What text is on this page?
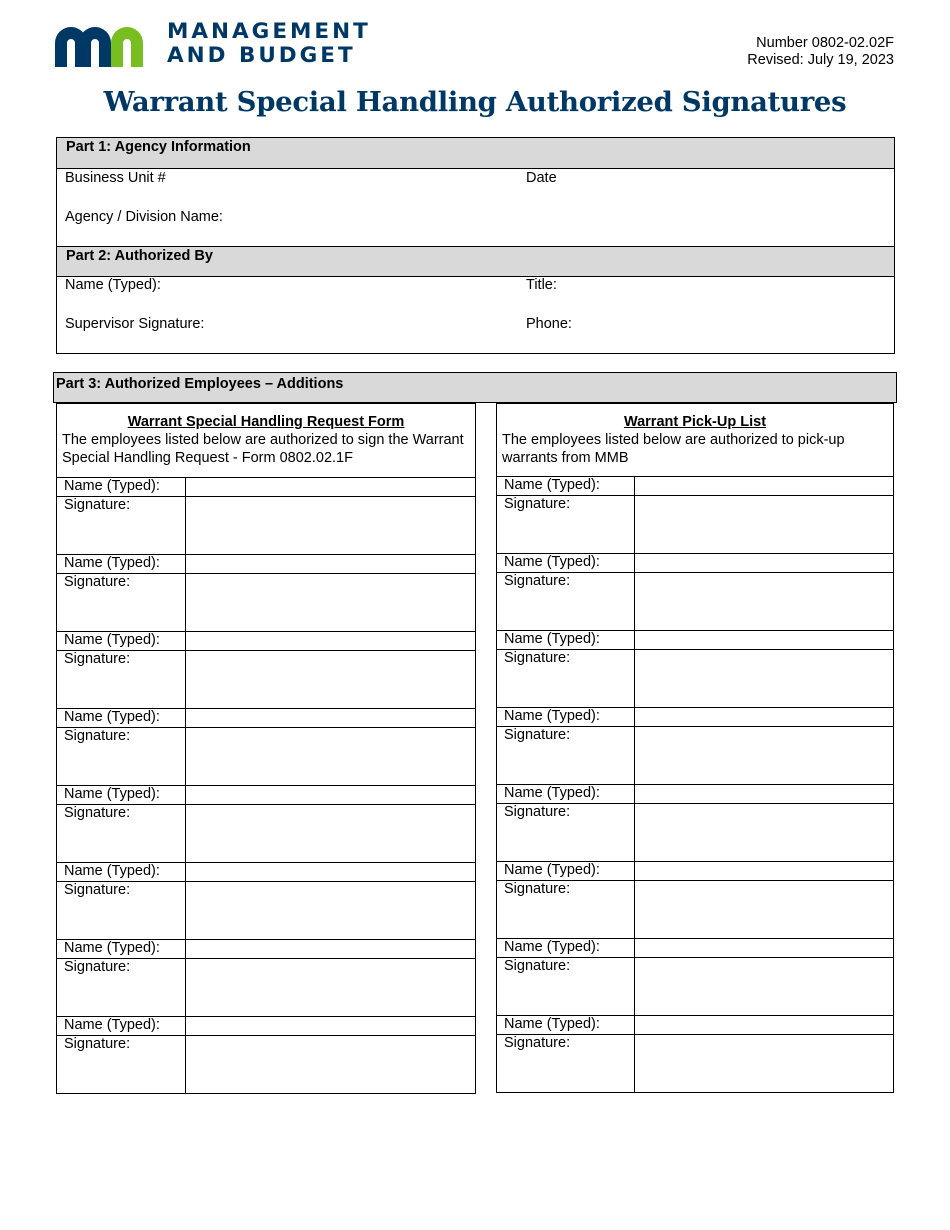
MANAGEMENT
AND BUDGET	Number 0802-02.02F
Revised: July 19, 2023
Warrant Special Handling Authorized Signatures
Part 1: Agency Information
Business Unit #	Date
Agency / Division Name:
Part 2: Authorized By
Name (Typed):	Title:
Supervisor Signature:	Phone:
Part 3: Authorized Employees – Additions
Warrant Special Handling Request Form
The employees listed below are authorized to sign the Warrant Special Handling Request - Form 0802.02.1F
Warrant Pick-Up List
The employees listed below are authorized to pick-up warrants from MMB
Name (Typed):	
Signature:	
Name (Typed):	
Signature:	
Name (Typed):	
Signature:	
Name (Typed):	
Signature:	
Name (Typed):	
Signature:	
Name (Typed):	
Signature:	
Name (Typed):	
Signature:	
Name (Typed):	
Signature:	
Name (Typed):	
Signature:	
Name (Typed):	
Signature:	
Name (Typed):	
Signature:	
Name (Typed):	
Signature:	
Name (Typed):	
Signature:	
Name (Typed):	
Signature:	
Name (Typed):	
Signature:	
Name (Typed):	
Signature:	
